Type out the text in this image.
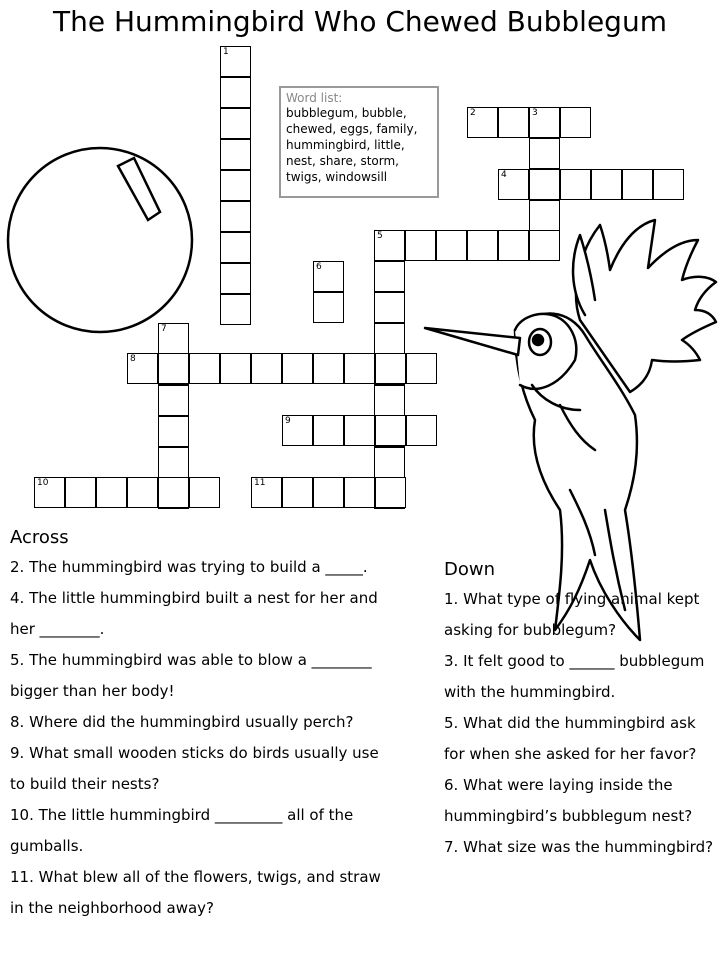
The Hummingbird Who Chewed Bubblegum
1
2	3
4
5
6
7
8
9
10	11
Word list:
bubblegum, bubble, chewed, eggs, family, hummingbird, little, nest, share, storm, twigs, windowsill
Across

2. The hummingbird was trying to build a _____.

4. The little hummingbird built a nest for her and her ________.

5. The hummingbird was able to blow a ________ bigger than her body!

8. Where did the hummingbird usually perch?

9. What small wooden sticks do birds usually use to build their nests?

10. The little hummingbird _________ all of the gumballs.

11. What blew all of the flowers, twigs, and straw in the neighborhood away?

Down

1. What type of flying animal kept asking for bubblegum?

3. It felt good to ______ bubblegum with the hummingbird.

5. What did the hummingbird ask for when she asked for her favor?

6. What were laying inside the hummingbird’s bubblegum nest?

7. What size was the hummingbird?
